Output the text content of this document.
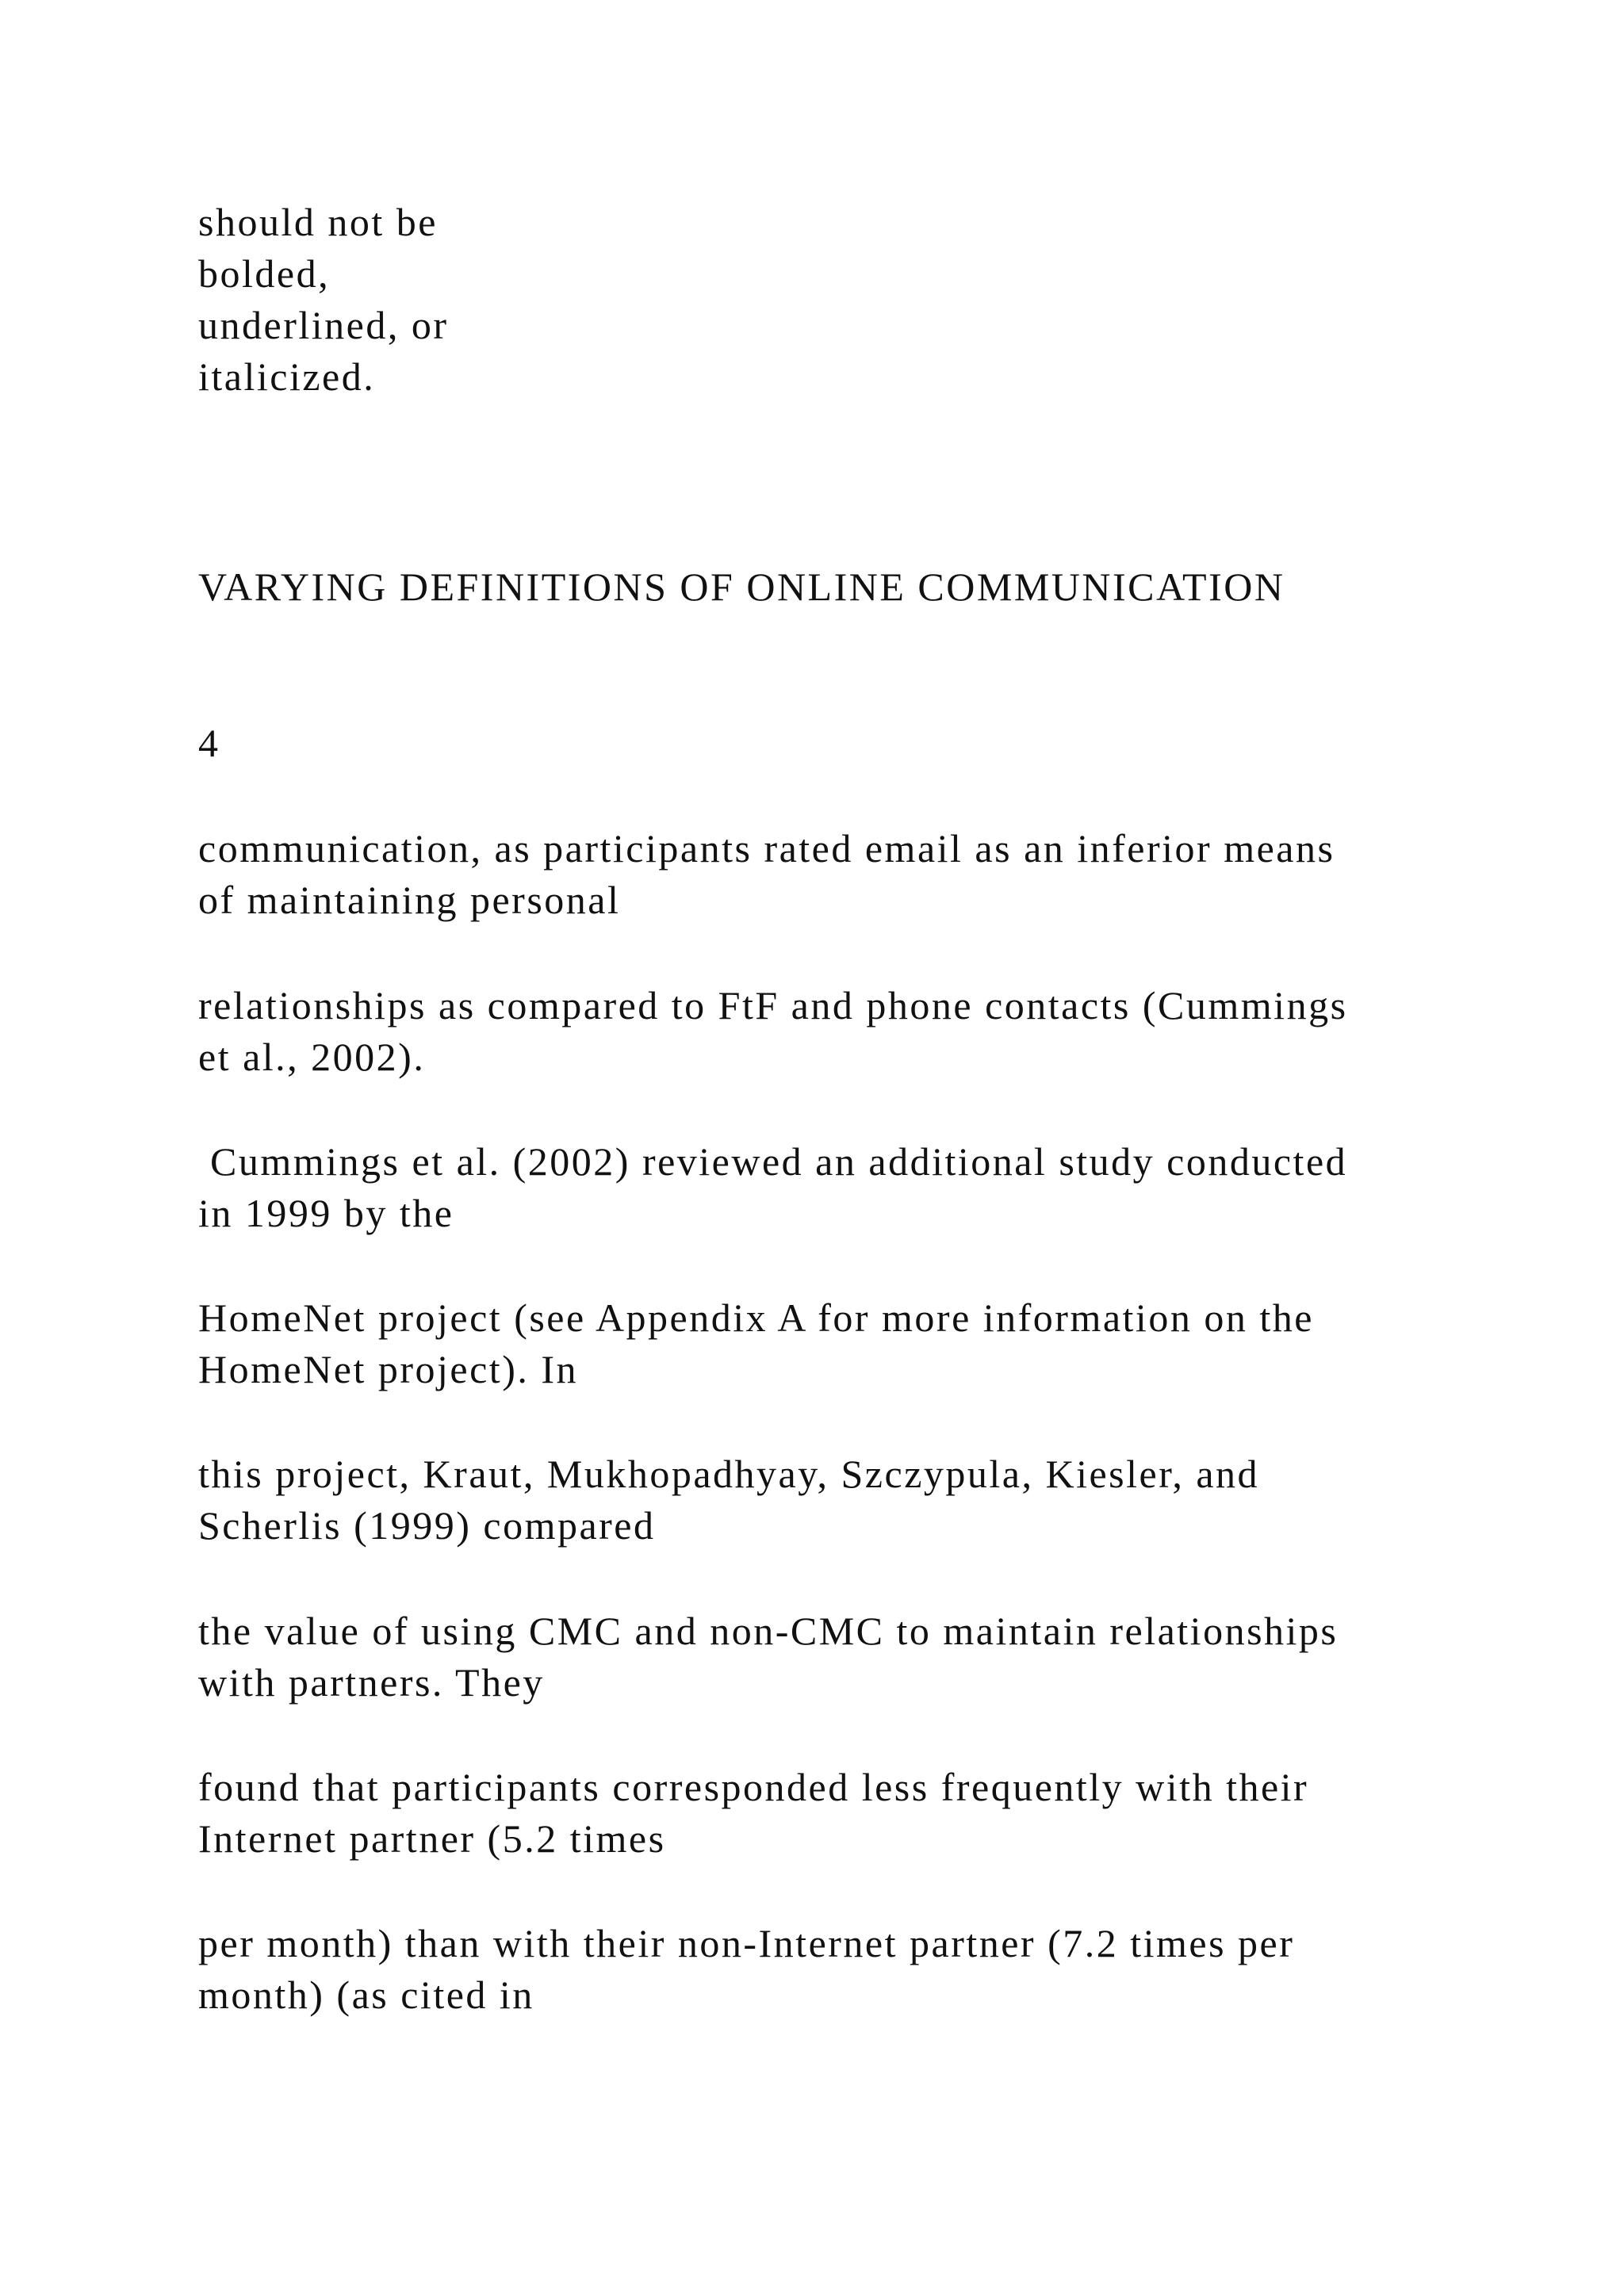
should not be
bolded,
underlined, or
italicized.
VARYING DEFINITIONS OF ONLINE COMMUNICATION
4
communication, as participants rated email as an inferior means
of maintaining personal
relationships as compared to FtF and phone contacts (Cummings
et al., 2002).
Cummings et al. (2002) reviewed an additional study conducted
in 1999 by the
HomeNet project (see Appendix A for more information on the
HomeNet project). In
this project, Kraut, Mukhopadhyay, Szczypula, Kiesler, and
Scherlis (1999) compared
the value of using CMC and non-CMC to maintain relationships
with partners. They
found that participants corresponded less frequently with their
Internet partner (5.2 times
per month) than with their non-Internet partner (7.2 times per
month) (as cited in
